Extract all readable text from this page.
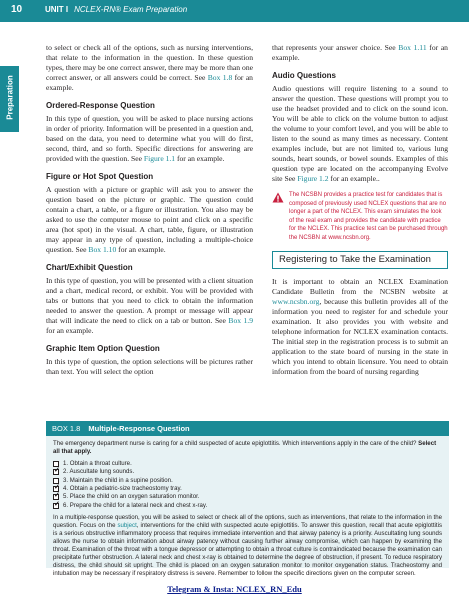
10	UNIT I NCLEX-RN® Exam Preparation
Preparation

to select or check all of the options, such as nursing interventions, that relate to the information in the question. In these question types, there may be one correct answer, there may be more than one correct answer, or all answers could be correct. See Box 1.8 for an example.

Ordered-Response Question

In this type of question, you will be asked to place nursing actions in order of priority. Information will be presented in a question and, based on the data, you need to determine what you will do first, second, third, and so forth. Specific directions for answering are provided with the question. See Figure 1.1 for an example.

Figure or Hot Spot Question

A question with a picture or graphic will ask you to answer the question based on the picture or graphic. The question could contain a chart, a table, or a figure or illustration. You also may be asked to use the computer mouse to point and click on a specific area (hot spot) in the visual. A chart, table, figure, or illustration may appear in any type of question, including a multiple-choice question. See Box 1.10 for an example.

Chart/Exhibit Question

In this type of question, you will be presented with a client situation and a chart, medical record, or exhibit. You will be provided with tabs or buttons that you need to click to obtain the information needed to answer the question. A prompt or message will appear that will indicate the need to click on a tab or button. See Box 1.9 for an example.

Graphic Item Option Question

In this type of question, the option selections will be pictures rather than text. You will select the option

that represents your answer choice. See Box 1.11 for an example.

Audio Questions

Audio questions will require listening to a sound to answer the question. These questions will prompt you to use the headset provided and to click on the sound icon. You will be able to click on the volume button to adjust the volume to your comfort level, and you will be able to listen to the sound as many times as necessary. Content examples include, but are not limited to, various lung sounds, heart sounds, or bowel sounds. Examples of this question type are located on the accompanying Evolve site See Figure 1.2 for an example..

The NCSBN provides a practice test for candidates that is composed of previously used NCLEX questions that are no longer a part of the NCLEX. This exam simulates the look of the real exam and provides the candidate with practice for the NCLEX. This practice test can be purchased through the NCSBN at www.ncsbn.org.
Registering to Take the Examination

It is important to obtain an NCLEX Examination Candidate Bulletin from the NCSBN website at www.ncsbn.org, because this bulletin provides all of the information you need to register for and schedule your examination. It also provides you with website and telephone information for NCLEX examination contacts. The initial step in the registration process is to submit an application to the state board of nursing in the state in which you intend to obtain licensure. You need to obtain information from the board of nursing regarding

BOX 1.8 Multiple-Response Question

The emergency department nurse is caring for a child suspected of acute epiglottitis. Which interventions apply in the care of the child? Select all that apply.

1. Obtain a throat culture.
✓
2. Auscultate lung sounds.
3. Maintain the child in a supine position.
✓
4. Obtain a pediatric-size tracheostomy tray.
✓
5. Place the child on an oxygen saturation monitor.
✓
6. Prepare the child for a lateral neck and chest x-ray.

In a multiple-response question, you will be asked to select or check all of the options, such as interventions, that relate to the information in the question. Focus on the subject, interventions for the child with suspected acute epiglottitis. To answer this question, recall that acute epiglottitis is a serious obstructive inflammatory process that requires immediate intervention and that airway patency is a priority. Auscultating lung sounds allows the nurse to obtain information about airway patency without causing further airway compromise, which can happen by examining the throat. Examination of the throat with a tongue depressor or attempting to obtain a throat culture is contraindicated because the examination can precipitate further obstruction. A lateral neck and chest x-ray is obtained to determine the degree of obstruction, if present. To reduce respiratory distress, the child should sit upright. The child is placed on an oxygen saturation monitor to monitor oxygenation status. Tracheostomy and intubation may be necessary if respiratory distress is severe. Remember to follow the specific directions given on the computer screen.

Telegram & Insta: NCLEX_RN_Edu
